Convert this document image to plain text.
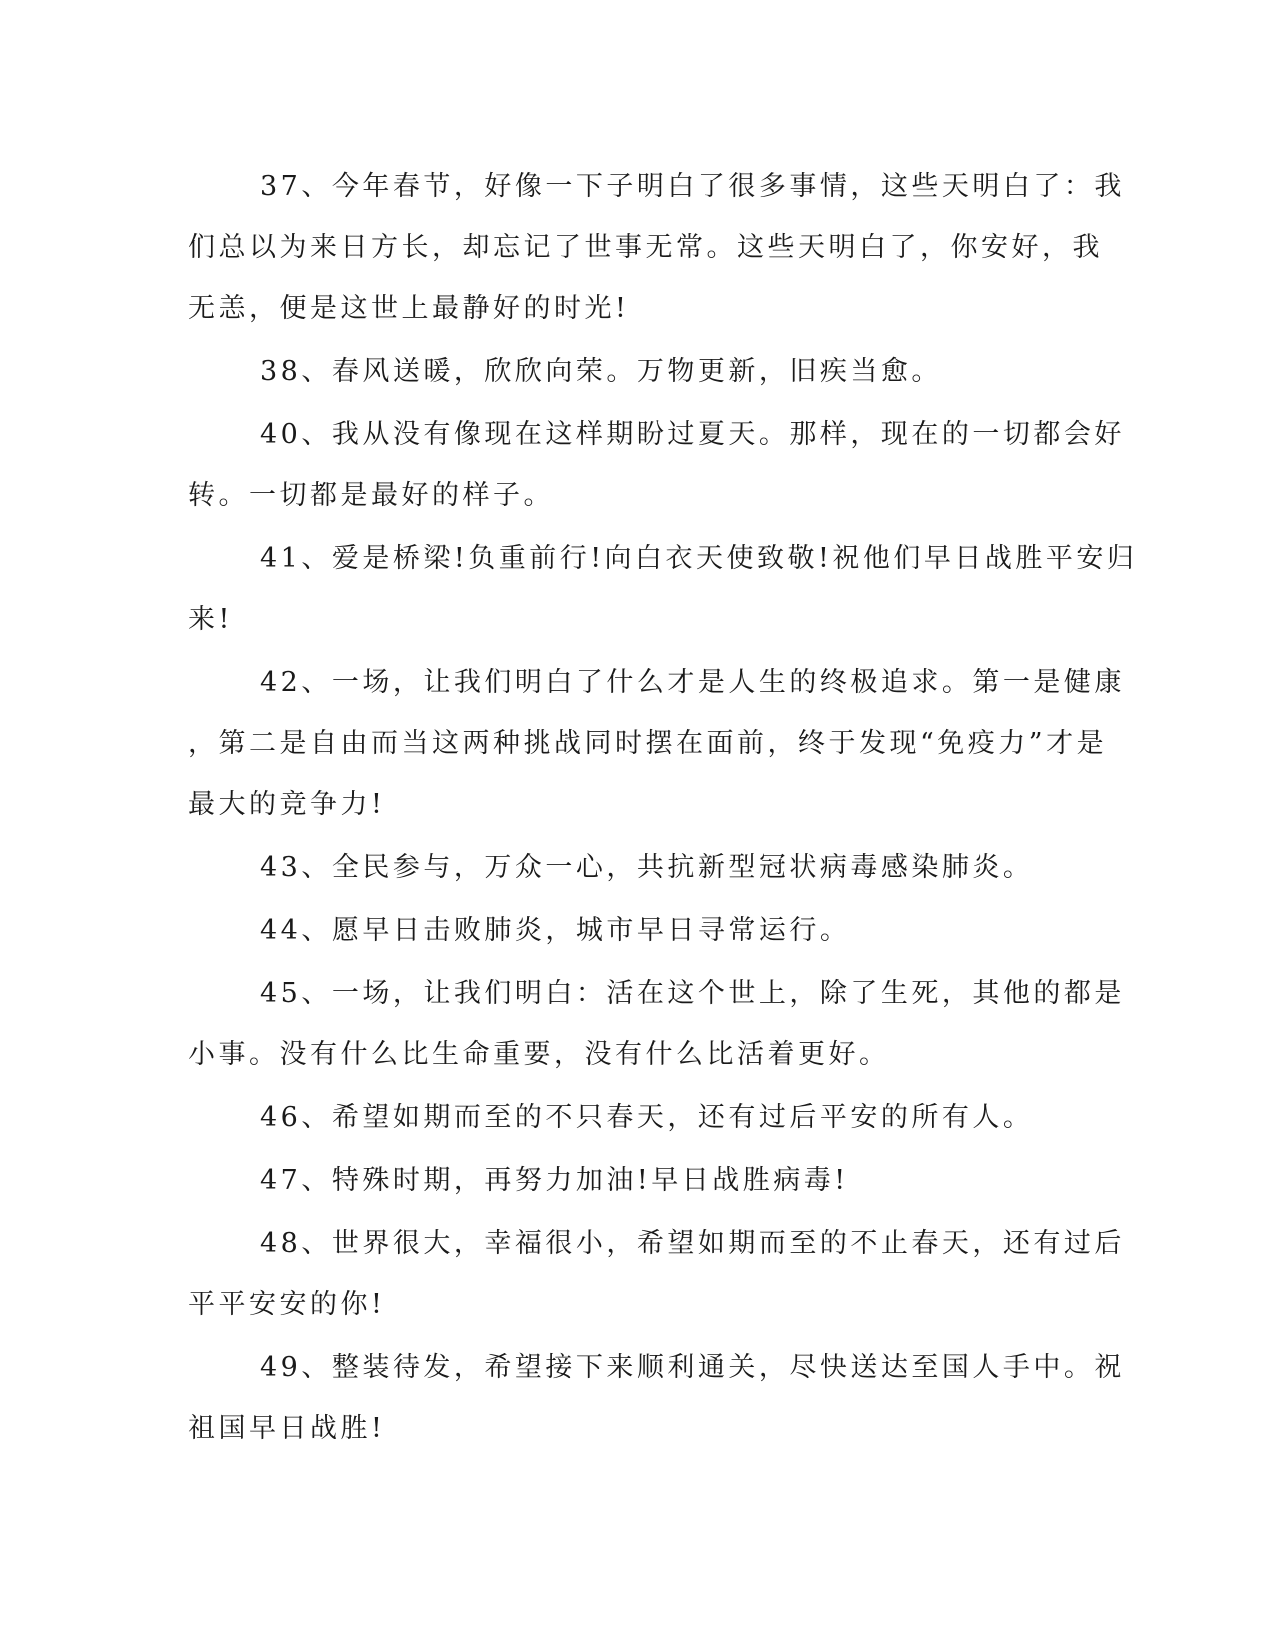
37、今年春节，好像一下子明白了很多事情，这些天明白了：我
们总以为来日方长，却忘记了世事无常。这些天明白了，你安好，我
无恙，便是这世上最静好的时光!

38、春风送暖，欣欣向荣。万物更新，旧疾当愈。

40、我从没有像现在这样期盼过夏天。那样，现在的一切都会好
转。一切都是最好的样子。

41、爱是桥梁!负重前行!向白衣天使致敬!祝他们早日战胜平安归
来!

42、一场，让我们明白了什么才是人生的终极追求。第一是健康
，第二是自由而当这两种挑战同时摆在面前，终于发现“免疫力”才是
最大的竞争力!

43、全民参与，万众一心，共抗新型冠状病毒感染肺炎。

44、愿早日击败肺炎，城市早日寻常运行。

45、一场，让我们明白：活在这个世上，除了生死，其他的都是
小事。没有什么比生命重要，没有什么比活着更好。

46、希望如期而至的不只春天，还有过后平安的所有人。

47、特殊时期，再努力加油!早日战胜病毒!

48、世界很大，幸福很小，希望如期而至的不止春天，还有过后
平平安安的你!

49、整装待发，希望接下来顺利通关，尽快送达至国人手中。祝
祖国早日战胜!
